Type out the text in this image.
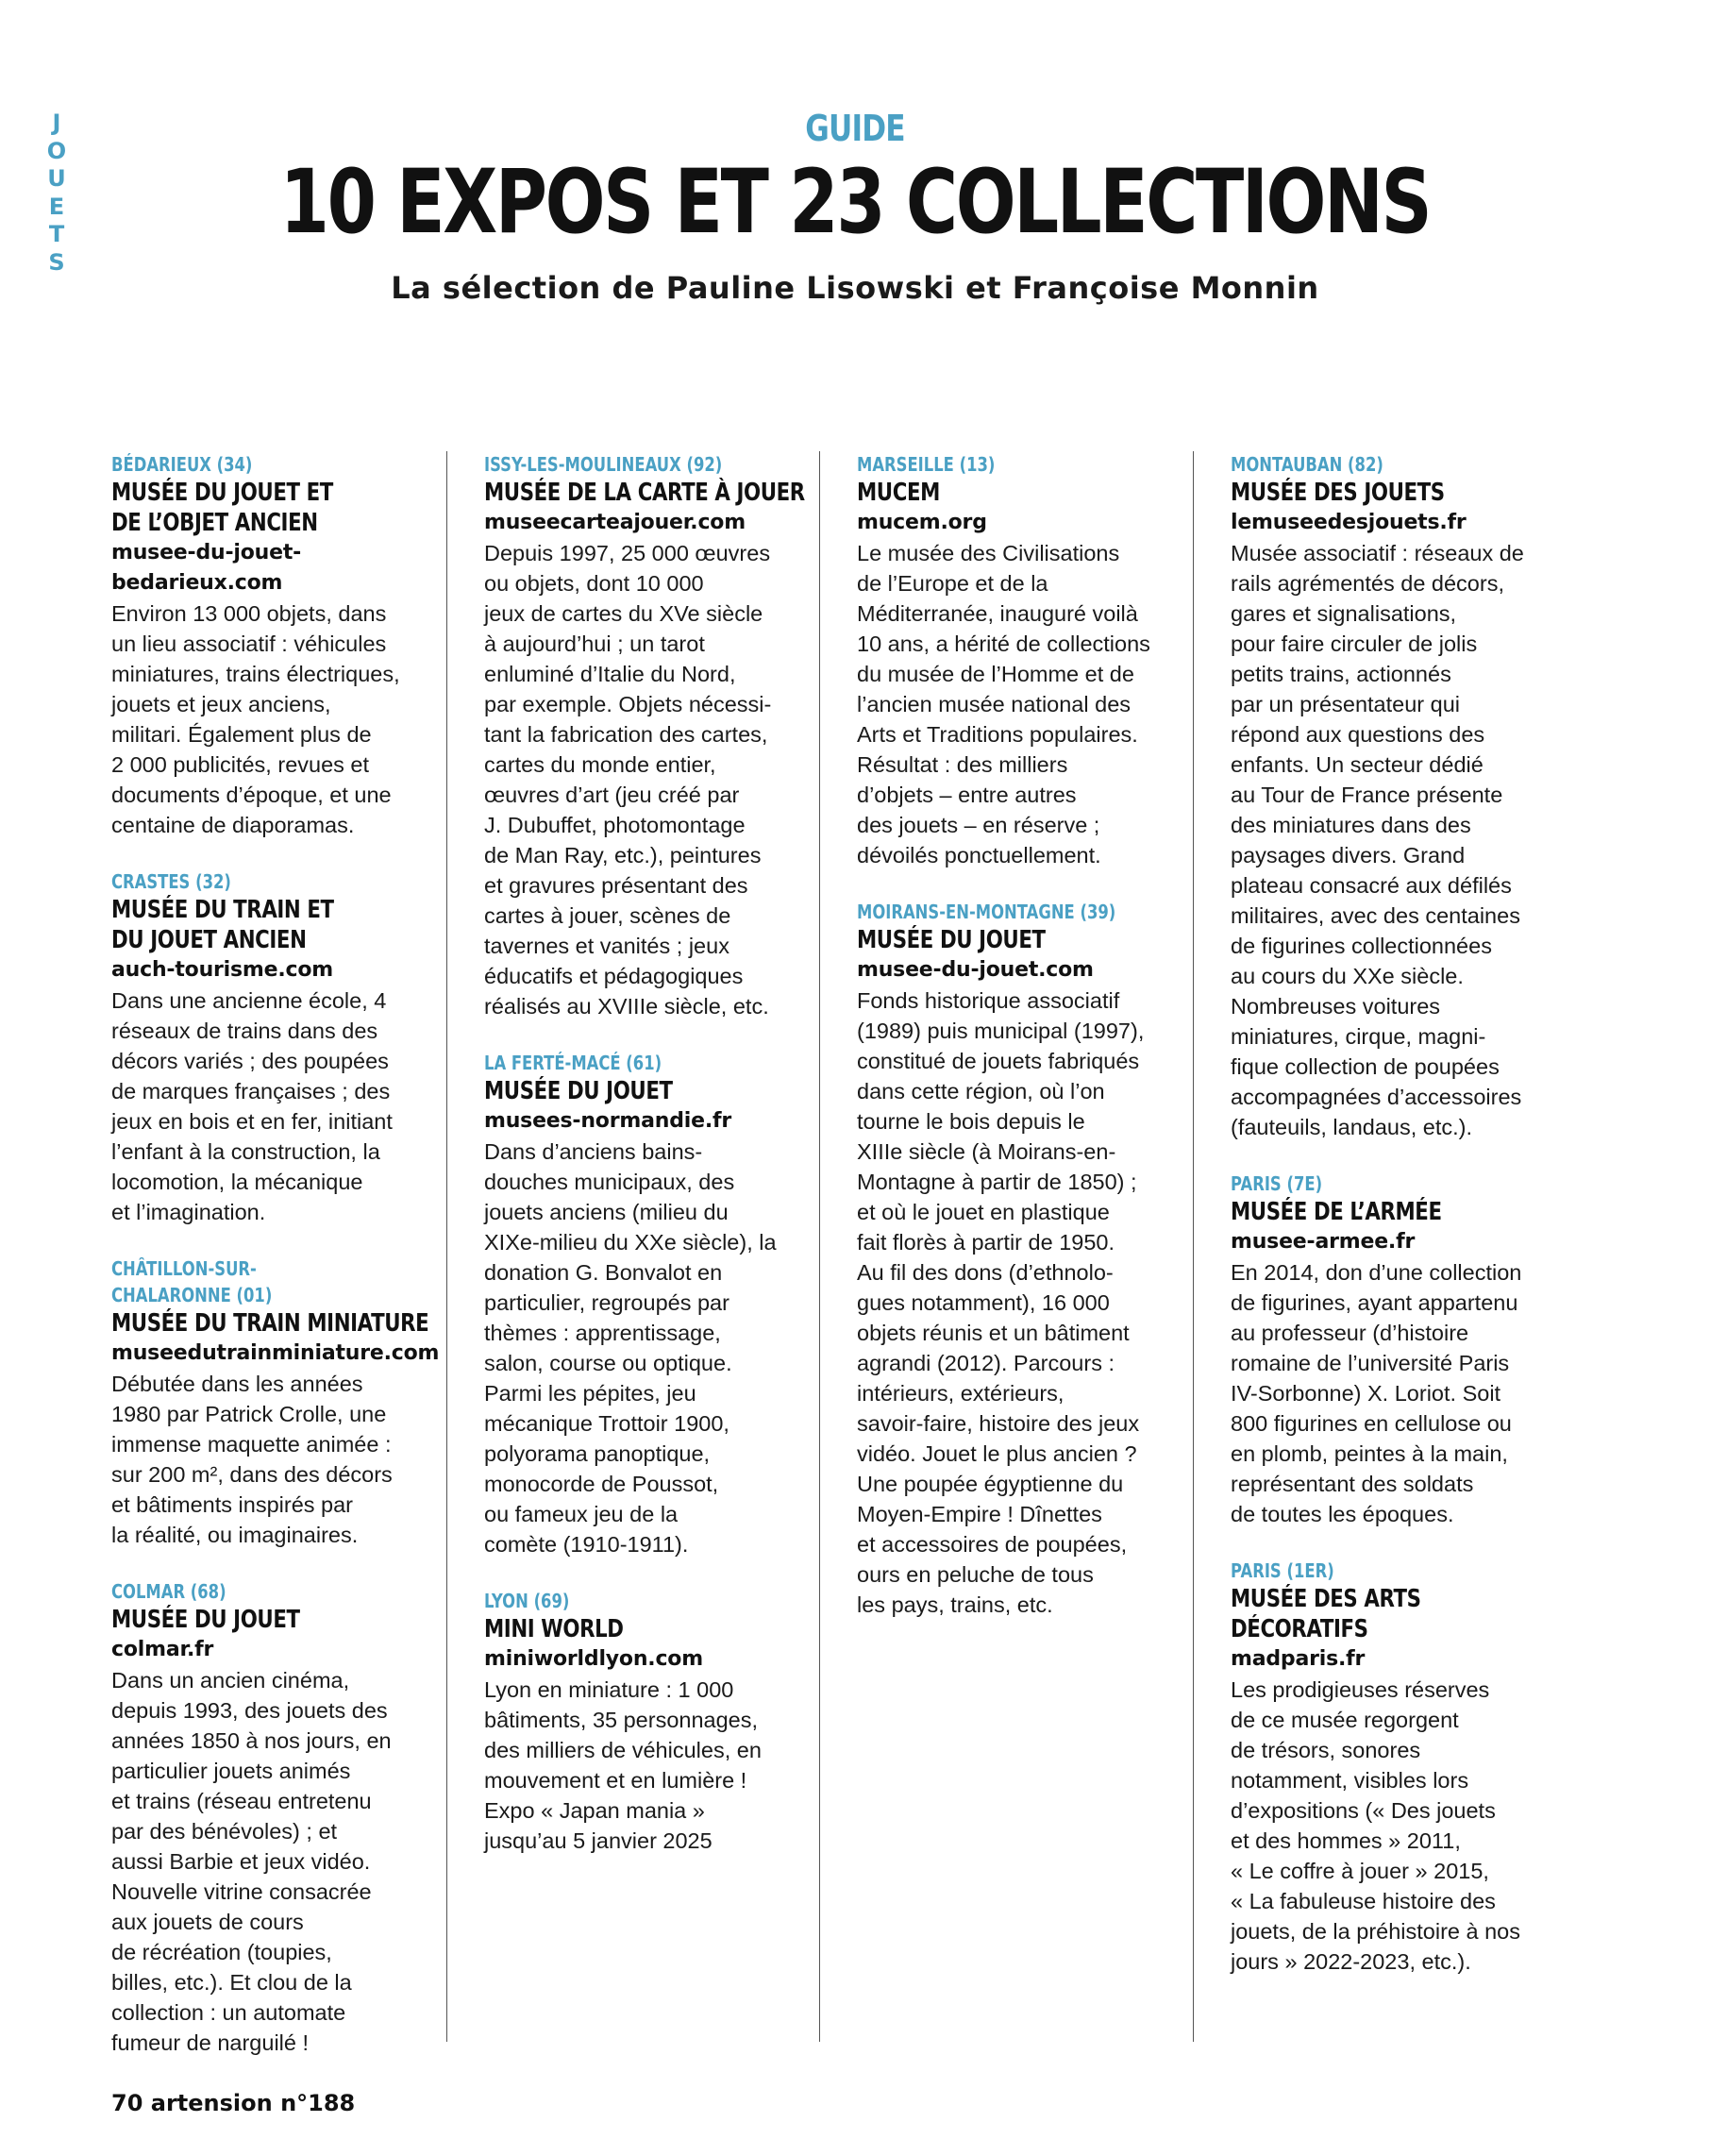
J
O
U
E
T
S
GUIDE
10 EXPOS ET 23 COLLECTIONS
La sélection de Pauline Lisowski et Françoise Monnin
BÉDARIEUX (34)
MUSÉE DU JOUET ET
DE L’OBJET ANCIEN
musee-du-jouet-
bedarieux.com
Environ 13 000 objets, dans
un lieu associatif : véhicules
miniatures, trains électriques,
jouets et jeux anciens,
militari. Également plus de
2 000 publicités, revues et
documents d’époque, et une
centaine de diaporamas.
CRASTES (32)
MUSÉE DU TRAIN ET
DU JOUET ANCIEN
auch-tourisme.com
Dans une ancienne école, 4
réseaux de trains dans des
décors variés ; des poupées
de marques françaises ; des
jeux en bois et en fer, initiant
l’enfant à la construction, la
locomotion, la mécanique
et l’imagination.
CHÂTILLON-SUR-CHALARONNE (01)
MUSÉE DU TRAIN MINIATURE
museedutrainminiature.com
Débutée dans les années
1980 par Patrick Crolle, une
immense maquette animée :
sur 200 m², dans des décors
et bâtiments inspirés par
la réalité, ou imaginaires.
COLMAR (68)
MUSÉE DU JOUET
colmar.fr
Dans un ancien cinéma,
depuis 1993, des jouets des
années 1850 à nos jours, en
particulier jouets animés
et trains (réseau entretenu
par des bénévoles) ; et
aussi Barbie et jeux vidéo.
Nouvelle vitrine consacrée
aux jouets de cours
de récréation (toupies,
billes, etc.). Et clou de la
collection : un automate
fumeur de narguilé !
ISSY-LES-MOULINEAUX (92)
MUSÉE DE LA CARTE À JOUER
museecarteajouer.com
Depuis 1997, 25 000 œuvres
ou objets, dont 10 000
jeux de cartes du XVe siècle
à aujourd’hui ; un tarot
enluminé d’Italie du Nord,
par exemple. Objets nécessi-
tant la fabrication des cartes,
cartes du monde entier,
œuvres d’art (jeu créé par
J. Dubuffet, photomontage
de Man Ray, etc.), peintures
et gravures présentant des
cartes à jouer, scènes de
tavernes et vanités ; jeux
éducatifs et pédagogiques
réalisés au XVIIIe siècle, etc.
LA FERTÉ-MACÉ (61)
MUSÉE DU JOUET
musees-normandie.fr
Dans d’anciens bains-
douches municipaux, des
jouets anciens (milieu du
XIXe-milieu du XXe siècle), la
donation G. Bonvalot en
particulier, regroupés par
thèmes : apprentissage,
salon, course ou optique.
Parmi les pépites, jeu
mécanique Trottoir 1900,
polyorama panoptique,
monocorde de Poussot,
ou fameux jeu de la
comète (1910-1911).
LYON (69)
MINI WORLD
miniworldlyon.com
Lyon en miniature : 1 000
bâtiments, 35 personnages,
des milliers de véhicules, en
mouvement et en lumière !
Expo « Japan mania »
jusqu’au 5 janvier 2025
MARSEILLE (13)
MUCEM
mucem.org
Le musée des Civilisations
de l’Europe et de la
Méditerranée, inauguré voilà
10 ans, a hérité de collections
du musée de l’Homme et de
l’ancien musée national des
Arts et Traditions populaires.
Résultat : des milliers
d’objets – entre autres
des jouets – en réserve ;
dévoilés ponctuellement.
MOIRANS-EN-MONTAGNE (39)
MUSÉE DU JOUET
musee-du-jouet.com
Fonds historique associatif
(1989) puis municipal (1997),
constitué de jouets fabriqués
dans cette région, où l’on
tourne le bois depuis le
XIIIe siècle (à Moirans-en-
Montagne à partir de 1850) ;
et où le jouet en plastique
fait florès à partir de 1950.
Au fil des dons (d’ethnolo-
gues notamment), 16 000
objets réunis et un bâtiment
agrandi (2012). Parcours :
intérieurs, extérieurs,
savoir-faire, histoire des jeux
vidéo. Jouet le plus ancien ?
Une poupée égyptienne du
Moyen-Empire ! Dînettes
et accessoires de poupées,
ours en peluche de tous
les pays, trains, etc.
MONTAUBAN (82)
MUSÉE DES JOUETS
lemuseedesjouets.fr
Musée associatif : réseaux de
rails agrémentés de décors,
gares et signalisations,
pour faire circuler de jolis
petits trains, actionnés
par un présentateur qui
répond aux questions des
enfants. Un secteur dédié
au Tour de France présente
des miniatures dans des
paysages divers. Grand
plateau consacré aux défilés
militaires, avec des centaines
de figurines collectionnées
au cours du XXe siècle.
Nombreuses voitures
miniatures, cirque, magni-
fique collection de poupées
accompagnées d’accessoires
(fauteuils, landaus, etc.).
PARIS (7E)
MUSÉE DE L’ARMÉE
musee-armee.fr
En 2014, don d’une collection
de figurines, ayant appartenu
au professeur (d’histoire
romaine de l’université Paris
IV-Sorbonne) X. Loriot. Soit
800 figurines en cellulose ou
en plomb, peintes à la main,
représentant des soldats
de toutes les époques.
PARIS (1ER)
MUSÉE DES ARTS DÉCORATIFS
madparis.fr
Les prodigieuses réserves
de ce musée regorgent
de trésors, sonores
notamment, visibles lors
d’expositions (« Des jouets
et des hommes » 2011,
« Le coffre à jouer » 2015,
« La fabuleuse histoire des
jouets, de la préhistoire à nos
jours » 2022-2023, etc.).
70 artension n°188
